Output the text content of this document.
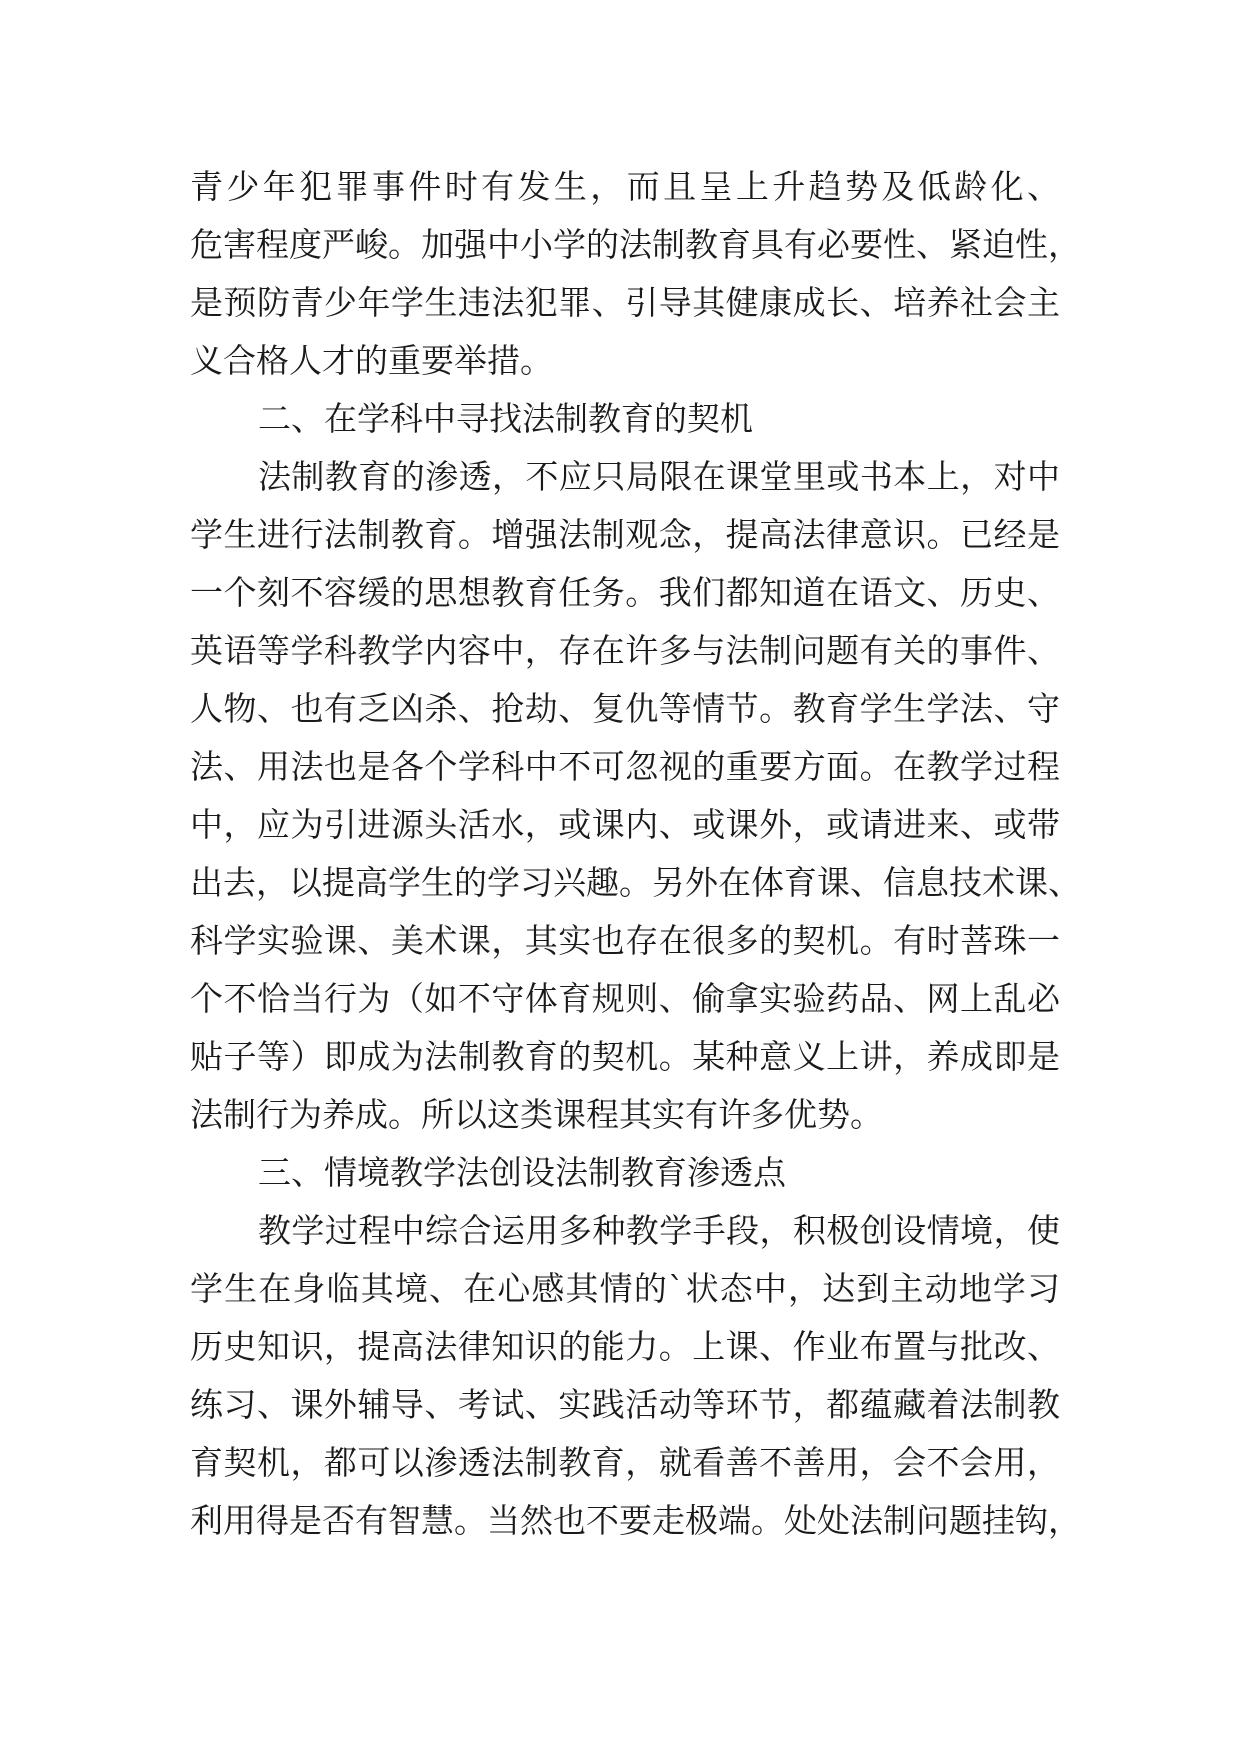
青少年犯罪事件时有发生，而且呈上升趋势及低龄化、
危害程度严峻。加强中小学的法制教育具有必要性、紧迫性，
是预防青少年学生违法犯罪、引导其健康成长、培养社会主
义合格人才的重要举措。
二、在学科中寻找法制教育的契机
法制教育的渗透，不应只局限在课堂里或书本上，对中
学生进行法制教育。增强法制观念，提高法律意识。已经是
一个刻不容缓的思想教育任务。我们都知道在语文、历史、
英语等学科教学内容中，存在许多与法制问题有关的事件、
人物、也有乏凶杀、抢劫、复仇等情节。教育学生学法、守
法、用法也是各个学科中不可忽视的重要方面。在教学过程
中，应为引进源头活水，或课内、或课外，或请进来、或带
出去，以提高学生的学习兴趣。另外在体育课、信息技术课、
科学实验课、美术课，其实也存在很多的契机。有时菩珠一
个不恰当行为（如不守体育规则、偷拿实验药品、网上乱必
贴子等）即成为法制教育的契机。某种意义上讲，养成即是
法制行为养成。所以这类课程其实有许多优势。
三、情境教学法创设法制教育渗透点
教学过程中综合运用多种教学手段，积极创设情境，使
学生在身临其境、在心感其情的`状态中，达到主动地学习
历史知识，提高法律知识的能力。上课、作业布置与批改、
练习、课外辅导、考试、实践活动等环节，都蕴藏着法制教
育契机，都可以渗透法制教育，就看善不善用，会不会用，
利用得是否有智慧。当然也不要走极端。处处法制问题挂钩，
